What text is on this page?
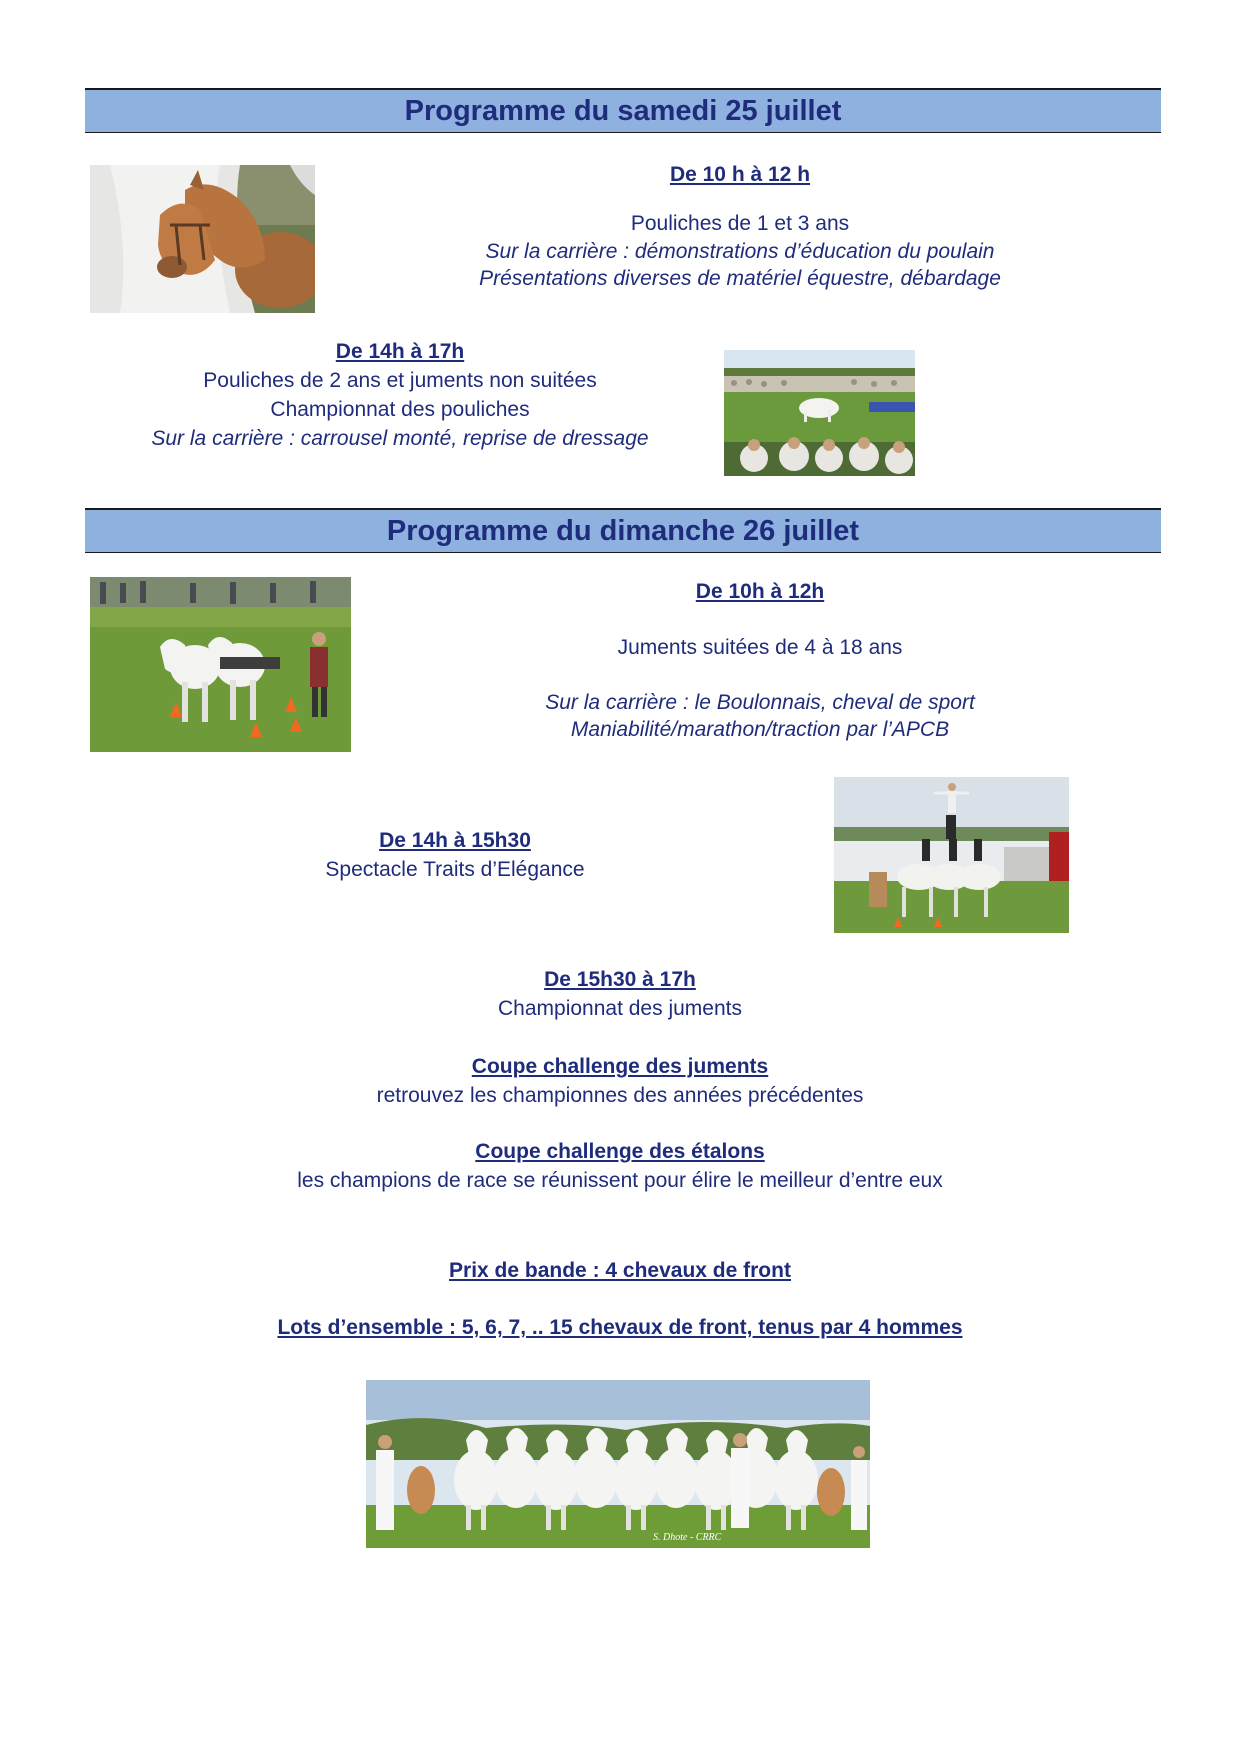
Programme du samedi 25 juillet
De 10 h à 12 h
Pouliches de 1 et 3 ans
Sur la carrière : démonstrations d’éducation du poulain
Présentations diverses de matériel équestre, débardage
De 14h à 17h
Pouliches de 2 ans et juments non suitées
Championnat des pouliches
Sur la carrière : carrousel monté, reprise de dressage
Programme du dimanche 26 juillet
De 10h à 12h
Juments suitées de 4 à 18 ans
Sur la carrière : le Boulonnais, cheval de sport
Maniabilité/marathon/traction par l’APCB
De 14h à 15h30
Spectacle Traits d’Elégance
De 15h30 à 17h
Championnat des juments
Coupe challenge des juments
retrouvez les championnes des années précédentes
Coupe challenge des étalons
les champions de race se réunissent pour élire le meilleur d’entre eux
Prix de bande : 4 chevaux de front
Lots d’ensemble : 5, 6, 7, .. 15 chevaux de front, tenus par 4 hommes
S. Dhote - CRRC
